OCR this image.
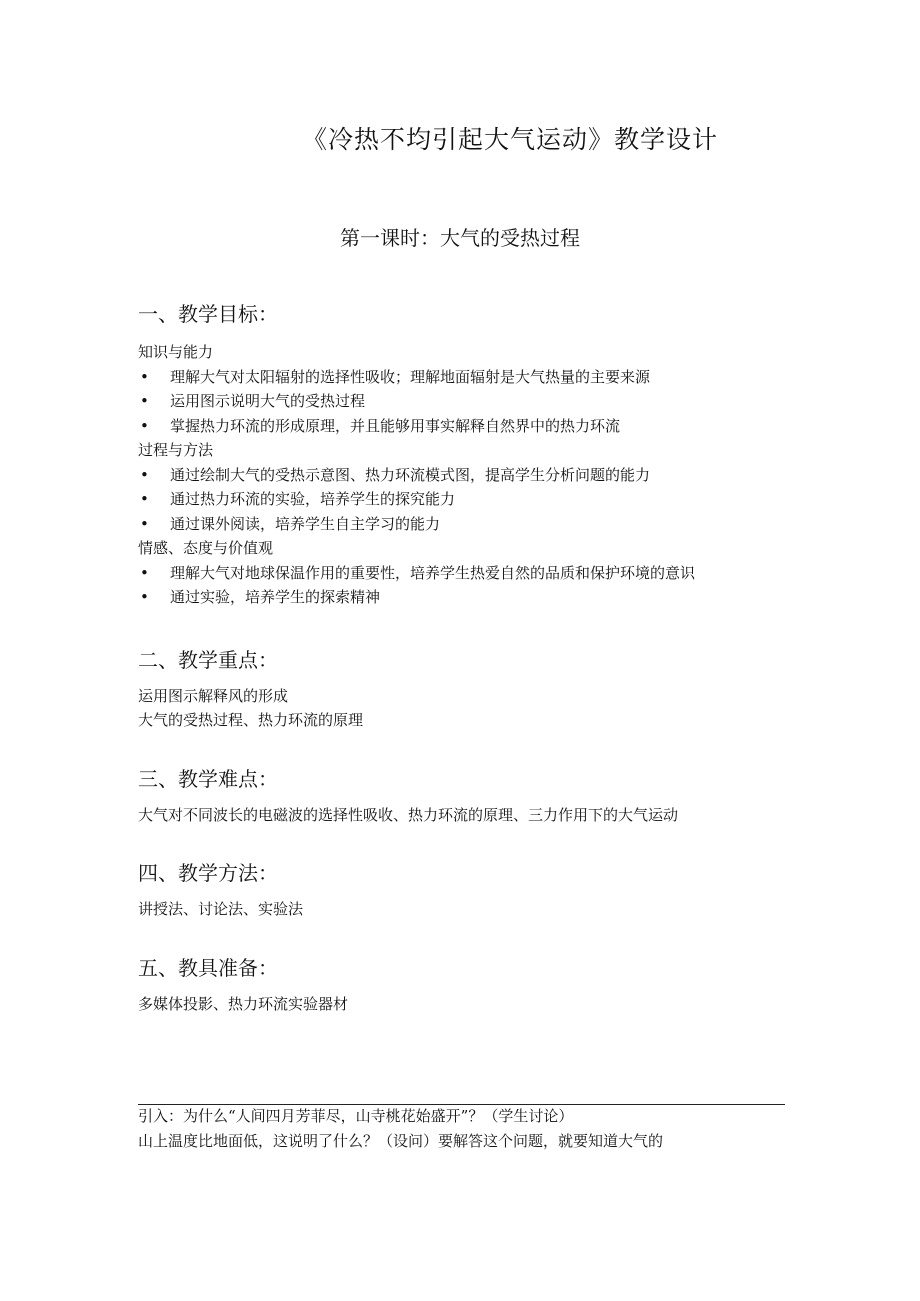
《冷热不均引起大气运动》教学设计
第一课时：大气的受热过程
一、教学目标：
知识与能力
•	理解大气对太阳辐射的选择性吸收；理解地面辐射是大气热量的主要来源
•	运用图示说明大气的受热过程
•	掌握热力环流的形成原理，并且能够用事实解释自然界中的热力环流
过程与方法
•	通过绘制大气的受热示意图、热力环流模式图，提高学生分析问题的能力
•	通过热力环流的实验，培养学生的探究能力
•	通过课外阅读，培养学生自主学习的能力
情感、态度与价值观
•	理解大气对地球保温作用的重要性，培养学生热爱自然的品质和保护环境的意识
•	通过实验，培养学生的探索精神
二、教学重点：
运用图示解释风的形成
大气的受热过程、热力环流的原理
三、教学难点：
大气对不同波长的电磁波的选择性吸收、热力环流的原理、三力作用下的大气运动
四、教学方法：
讲授法、讨论法、实验法
五、教具准备：
多媒体投影、热力环流实验器材
引入：为什么“人间四月芳菲尽，山寺桃花始盛开”？（学生讨论）
山上温度比地面低，这说明了什么？（设问）要解答这个问题，就要知道大气的
